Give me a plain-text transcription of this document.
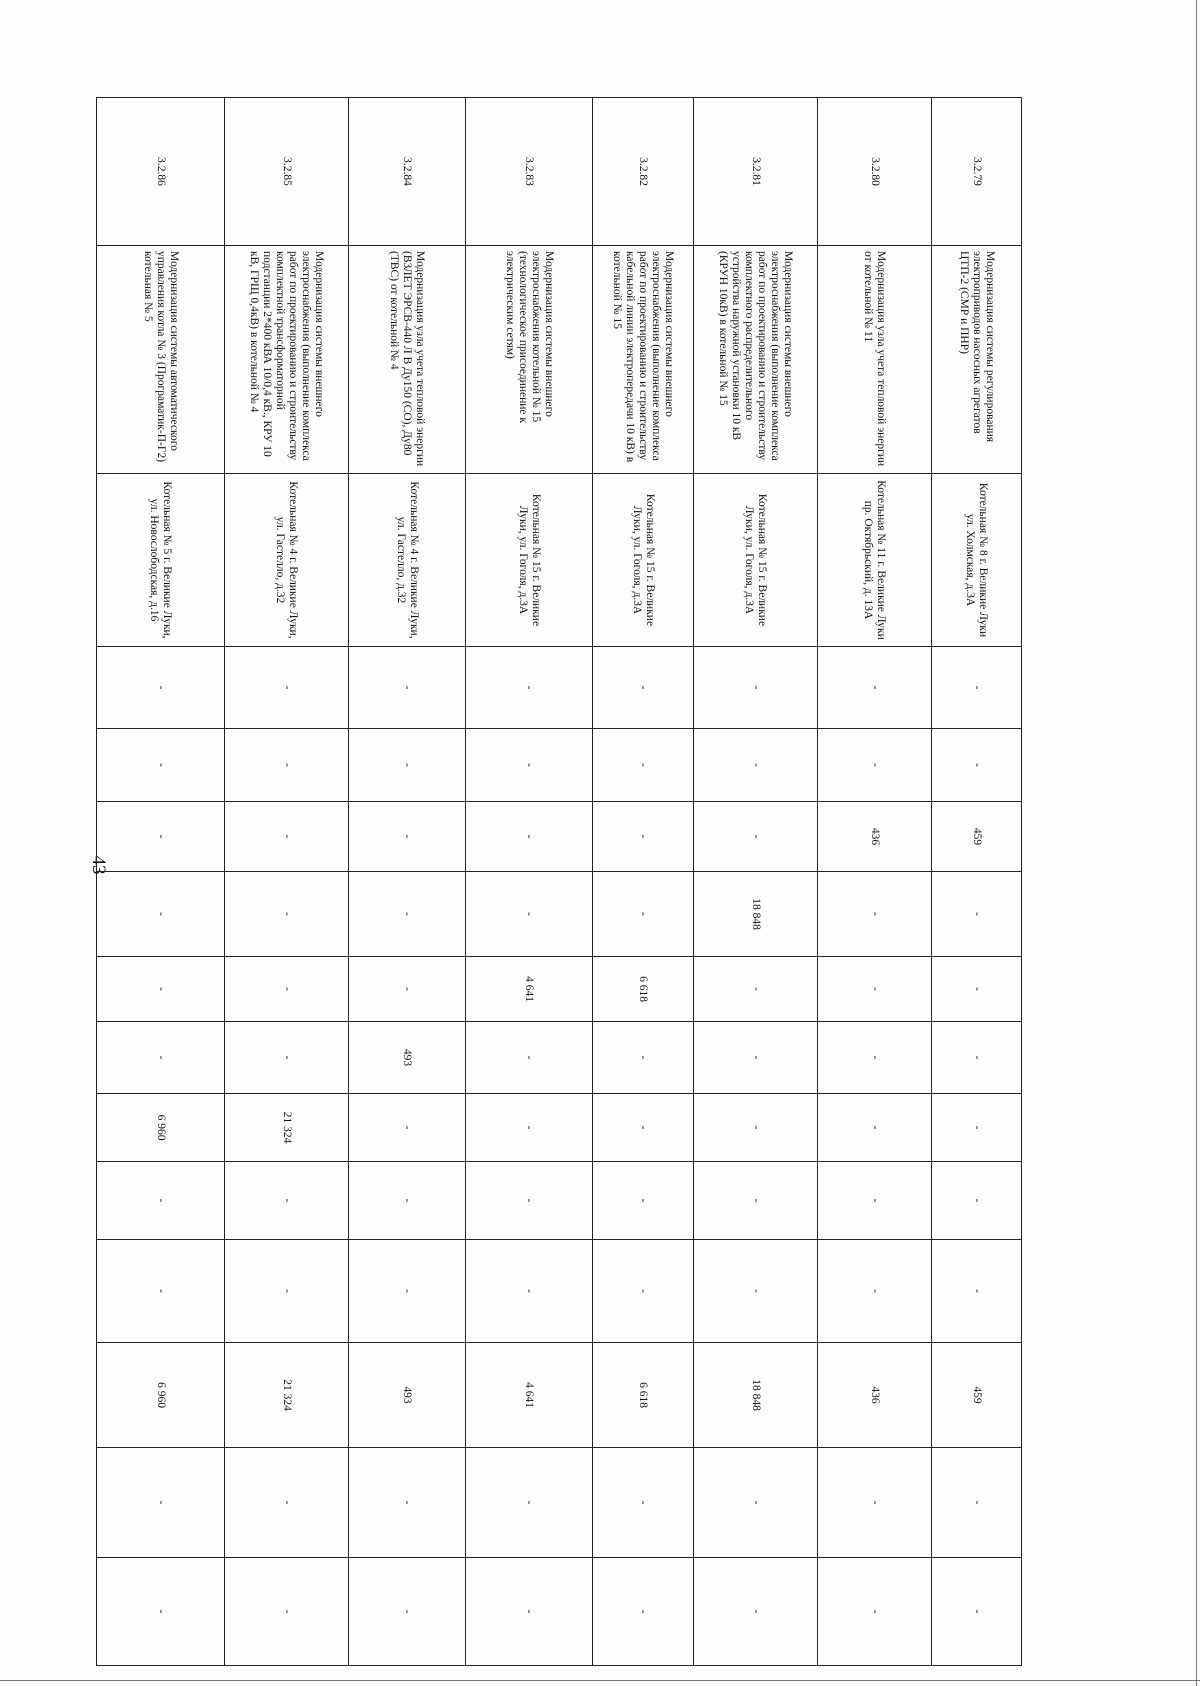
43
3.2.79	Модернизация системы регулирования электроприводов насосных агрегатов ЦТП-2 (СМР и ПНР)	Котельная № 8 г. Великие Луки ул. Холмская, д.3А	-	-	459	-	-	-	-	-	-	459	-	-
3.2.80	Модернизация узла учета тепловой энергии от котельной № 11	Котельная № 11 г. Великие Луки пр. Октябрьский, д. 13А	-	-	436	-	-	-	-	-	-	436	-	-
3.2.81	Модернизация системы внешнего электроснабжения (выполнение комплекса работ по проектированию и строительству комплектного распределительного устройства наружной установки 10 кВ (КРУН 10кВ) в котельной № 15	Котельная № 15 г. Великие Луки, ул. Гоголя, д.3А	-	-	-	18 848	-	-	-	-	-	18 848	-	-
3.2.82	Модернизация системы внешнего электроснабжения (выполнение комплекса работ по проектированию и строительству кабельной линии электропередачи 10 кВ) в котельной № 15	Котельная № 15 г. Великие Луки, ул. Гоголя, д.3А	-	-	-	-	6 618	-	-	-	-	6 618	-	-
3.2.83	Модернизация системы внешнего электроснабжения котельной № 15 (технологическое присоединение к электрическим сетям)	Котельная № 15 г. Великие Луки, ул. Гоголя, д.3А	-	-	-	-	4 641	-	-	-	-	4 641	-	-
3.2.84	Модернизация узла учета тепловой энергии (ВЗЛЕТ ЭРСВ-440 Л В Ду150 (СО), Ду80 (ТВС) от котельной № 4	Котельная № 4 г. Великие Луки, ул. Гастелло, д.32	-	-	-	-	-	493	-	-	-	493	-	-
3.2.85	Модернизация системы внешнего электроснабжения (выполнение комплекса работ по проектированию и строительству комплектной трансформаторной подстанции 2*400 кВА 10/0,4 кВ., КРУ 10 кВ, ГРЩ 0,4кВ) в котельной № 4	Котельная № 4 г. Великие Луки, ул. Гастелло, д.32	-	-	-	-	-	-	21 324	-	-	21 324	-	-
3.2.86	Модернизация системы автоматического управления котла № 3 (Програматик-П-Г2) котельная № 5	Котельная № 5 г. Великие Луки, ул. Новослободская, д.16	-	-	-	-	-	-	6 960	-	-	6 960	-	-
